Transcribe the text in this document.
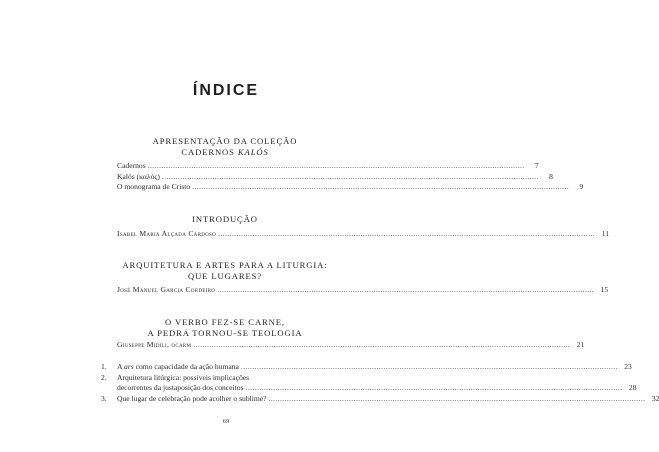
ÍNDICE
APRESENTAÇÃO DA COLEÇÃO
CADERNOS KALÓS
Cadernos .....	7
Kalós (καλός) .....	8
O monograma de Cristo .....	9
INTRODUÇÃO
Isabel Maria Alçada Cardoso .....	11
ARQUITETURA E ARTES PARA A LITURGIA:
QUE LUGARES?
José Manuel Garcia Cordeiro .....	15
O VERBO FEZ-SE CARNE,
A PEDRA TORNOU-SE TEOLOGIA
Giuseppe Midili, ocarm .....	21
1.	A ars como capacidade da ação humana .....	23
2.	Arquitetura litúrgica: possíveis implicações
decorrentes da justaposição dos conceitos .....	28
3.	Que lugar de celebração pode acolher o sublime? .....	32
69
